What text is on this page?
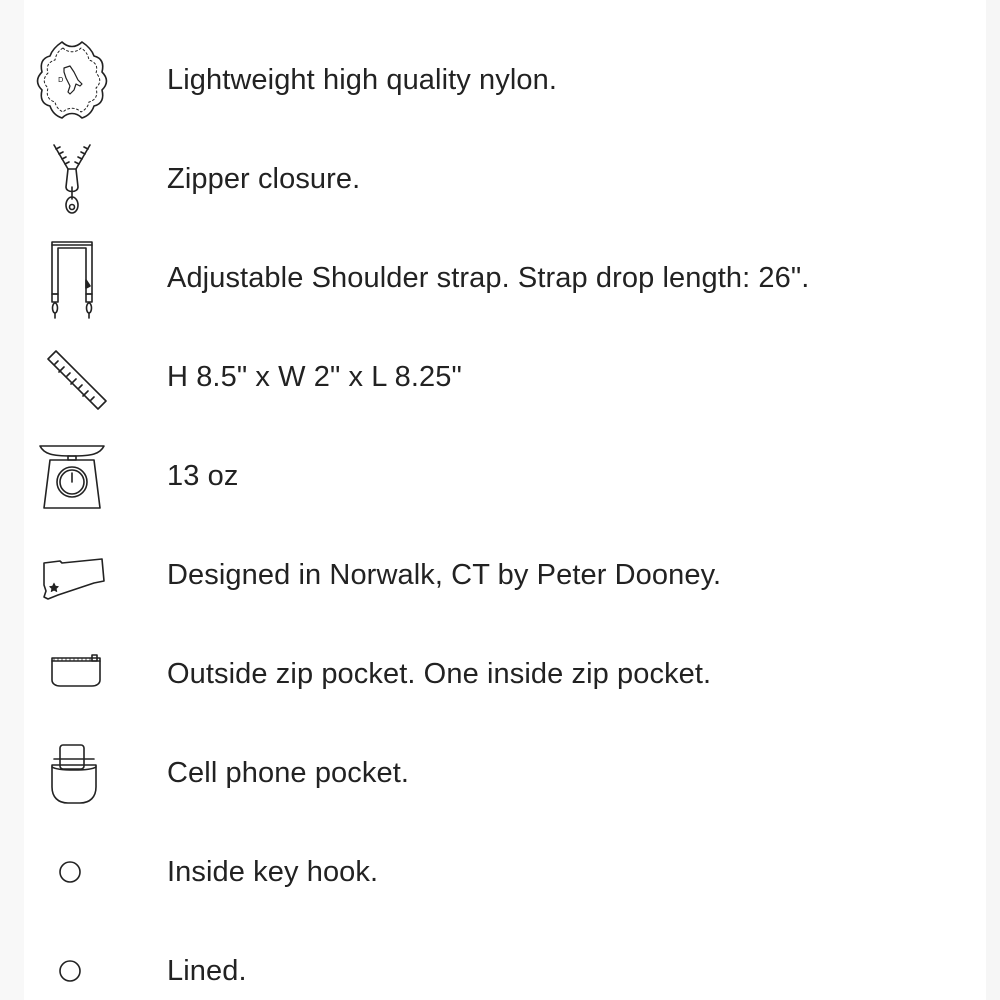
D	Lightweight high quality nylon.
Zipper closure.
Adjustable Shoulder strap. Strap drop length: 26".
H 8.5" x W 2" x L 8.25"
13 oz
Designed in Norwalk, CT by Peter Dooney.
Outside zip pocket. One inside zip pocket.
Cell phone pocket.
Inside key hook.
Lined.
